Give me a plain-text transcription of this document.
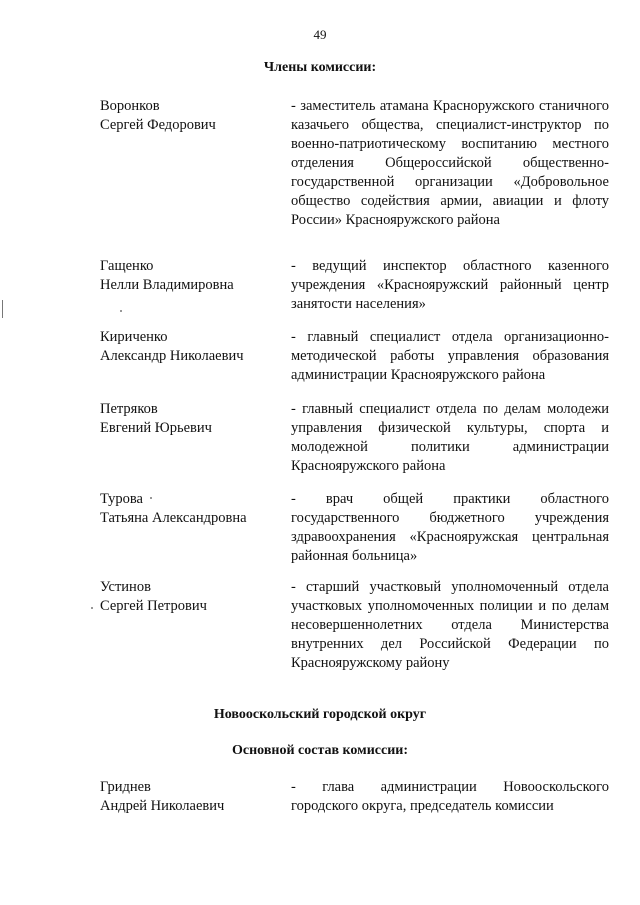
49
Члены комиссии:
Воронков
Сергей Федорович
- заместитель атамана Красноружского станичного казачьего общества, специалист-инструктор по военно-патриотическому воспитанию местного отделения Общероссийской общественно-государственной организации «Добровольное общество содействия армии, авиации и флоту России» Краснояружского района
Гащенко
Нелли Владимировна
- ведущий инспектор областного казенного учреждения «Краснояружский районный центр занятости населения»
Кириченко
Александр Николаевич
- главный специалист отдела организационно-методической работы управления образования администрации Краснояружского района
Петряков
Евгений Юрьевич
- главный специалист отдела по делам молодежи управления физической культуры, спорта и молодежной политики администрации Краснояружского района
Турова
Татьяна Александровна
- врач общей практики областного государственного бюджетного учреждения здравоохранения «Краснояружская центральная районная больница»
Устинов
Сергей Петрович
- старший участковый уполномоченный отдела участковых уполномоченных полиции и по делам несовершеннолетних отдела Министерства внутренних дел Российской Федерации по Краснояружскому району
Новооскольский городской округ
Основной состав комиссии:
Гриднев
Андрей Николаевич
- глава администрации Новооскольского городского округа, председатель комиссии
